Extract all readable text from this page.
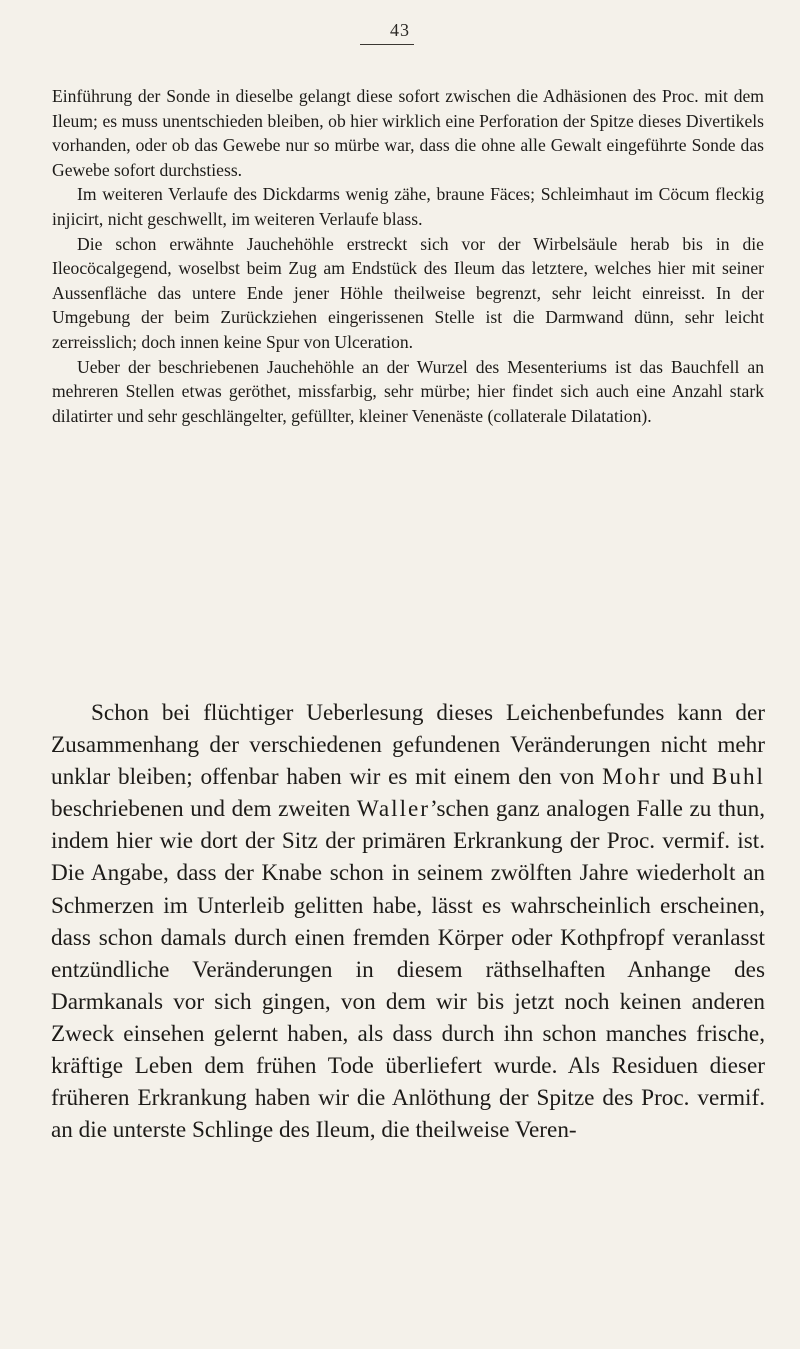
43

Einführung der Sonde in dieselbe gelangt diese sofort zwischen die Adhäsionen des Proc. mit dem Ileum; es muss unentschieden bleiben, ob hier wirklich eine Perforation der Spitze dieses Divertikels vorhanden, oder ob das Gewebe nur so mürbe war, dass die ohne alle Gewalt eingeführte Sonde das Gewebe sofort durchstiess.

Im weiteren Verlaufe des Dickdarms wenig zähe, braune Fäces; Schleimhaut im Cöcum fleckig injicirt, nicht geschwellt, im weiteren Verlaufe blass.

Die schon erwähnte Jauchehöhle erstreckt sich vor der Wirbelsäule herab bis in die Ileocöcalgegend, woselbst beim Zug am Endstück des Ileum das letztere, welches hier mit seiner Aussenfläche das untere Ende jener Höhle theilweise begrenzt, sehr leicht einreisst. In der Umgebung der beim Zurückziehen eingerissenen Stelle ist die Darmwand dünn, sehr leicht zerreisslich; doch innen keine Spur von Ulceration.

Ueber der beschriebenen Jauchehöhle an der Wurzel des Mesenteriums ist das Bauchfell an mehreren Stellen etwas geröthet, missfarbig, sehr mürbe; hier findet sich auch eine Anzahl stark dilatirter und sehr geschlängelter, gefüllter, kleiner Venenäste (collaterale Dilatation).

Schon bei flüchtiger Ueberlesung dieses Leichenbefundes kann der Zusammenhang der verschiedenen gefundenen Veränderungen nicht mehr unklar bleiben; offenbar haben wir es mit einem den von Mohr und Buhl beschriebenen und dem zweiten Waller’schen ganz analogen Falle zu thun, indem hier wie dort der Sitz der primären Erkrankung der Proc. vermif. ist. Die Angabe, dass der Knabe schon in seinem zwölften Jahre wiederholt an Schmerzen im Unterleib gelitten habe, lässt es wahrscheinlich erscheinen, dass schon damals durch einen fremden Körper oder Kothpfropf veranlasst entzündliche Veränderungen in diesem räthselhaften Anhange des Darmkanals vor sich gingen, von dem wir bis jetzt noch keinen anderen Zweck einsehen gelernt haben, als dass durch ihn schon manches frische, kräftige Leben dem frühen Tode überliefert wurde. Als Residuen dieser früheren Erkrankung haben wir die Anlöthung der Spitze des Proc. vermif. an die unterste Schlinge des Ileum, die theilweise Veren-
